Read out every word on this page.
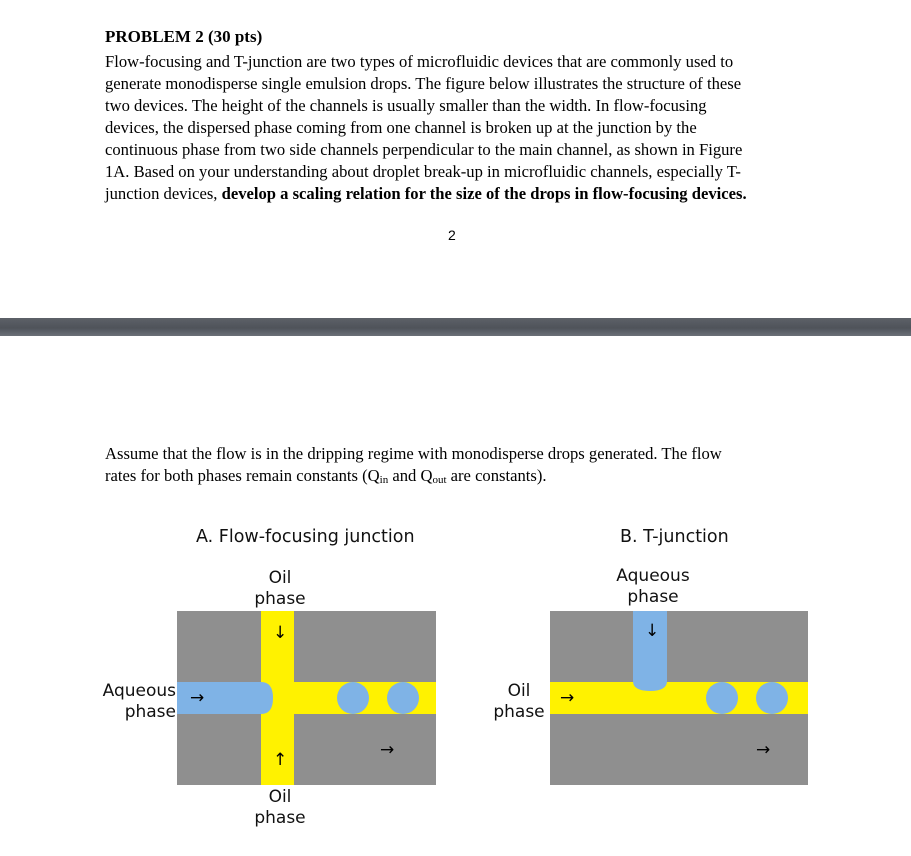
PROBLEM 2 (30 pts)
Flow-focusing and T-junction are two types of microfluidic devices that are commonly used to
generate monodisperse single emulsion drops. The figure below illustrates the structure of these
two devices. The height of the channels is usually smaller than the width. In flow-focusing
devices, the dispersed phase coming from one channel is broken up at the junction by the
continuous phase from two side channels perpendicular to the main channel, as shown in Figure
1A. Based on your understanding about droplet break-up in microfluidic channels, especially T-
junction devices, develop a scaling relation for the size of the drops in flow-focusing devices.
2
Assume that the flow is in the dripping regime with monodisperse drops generated. The flow
rates for both phases remain constants ($Q_{in}$ and $Q_{out}$ are constants).
A. Flow-focusing junction	B. T-junction
Oil
phase
Oil
phase
Aqueous
phase
Aqueous
phase
Oil
phase
↓
↑
→
→
↓
→
→
